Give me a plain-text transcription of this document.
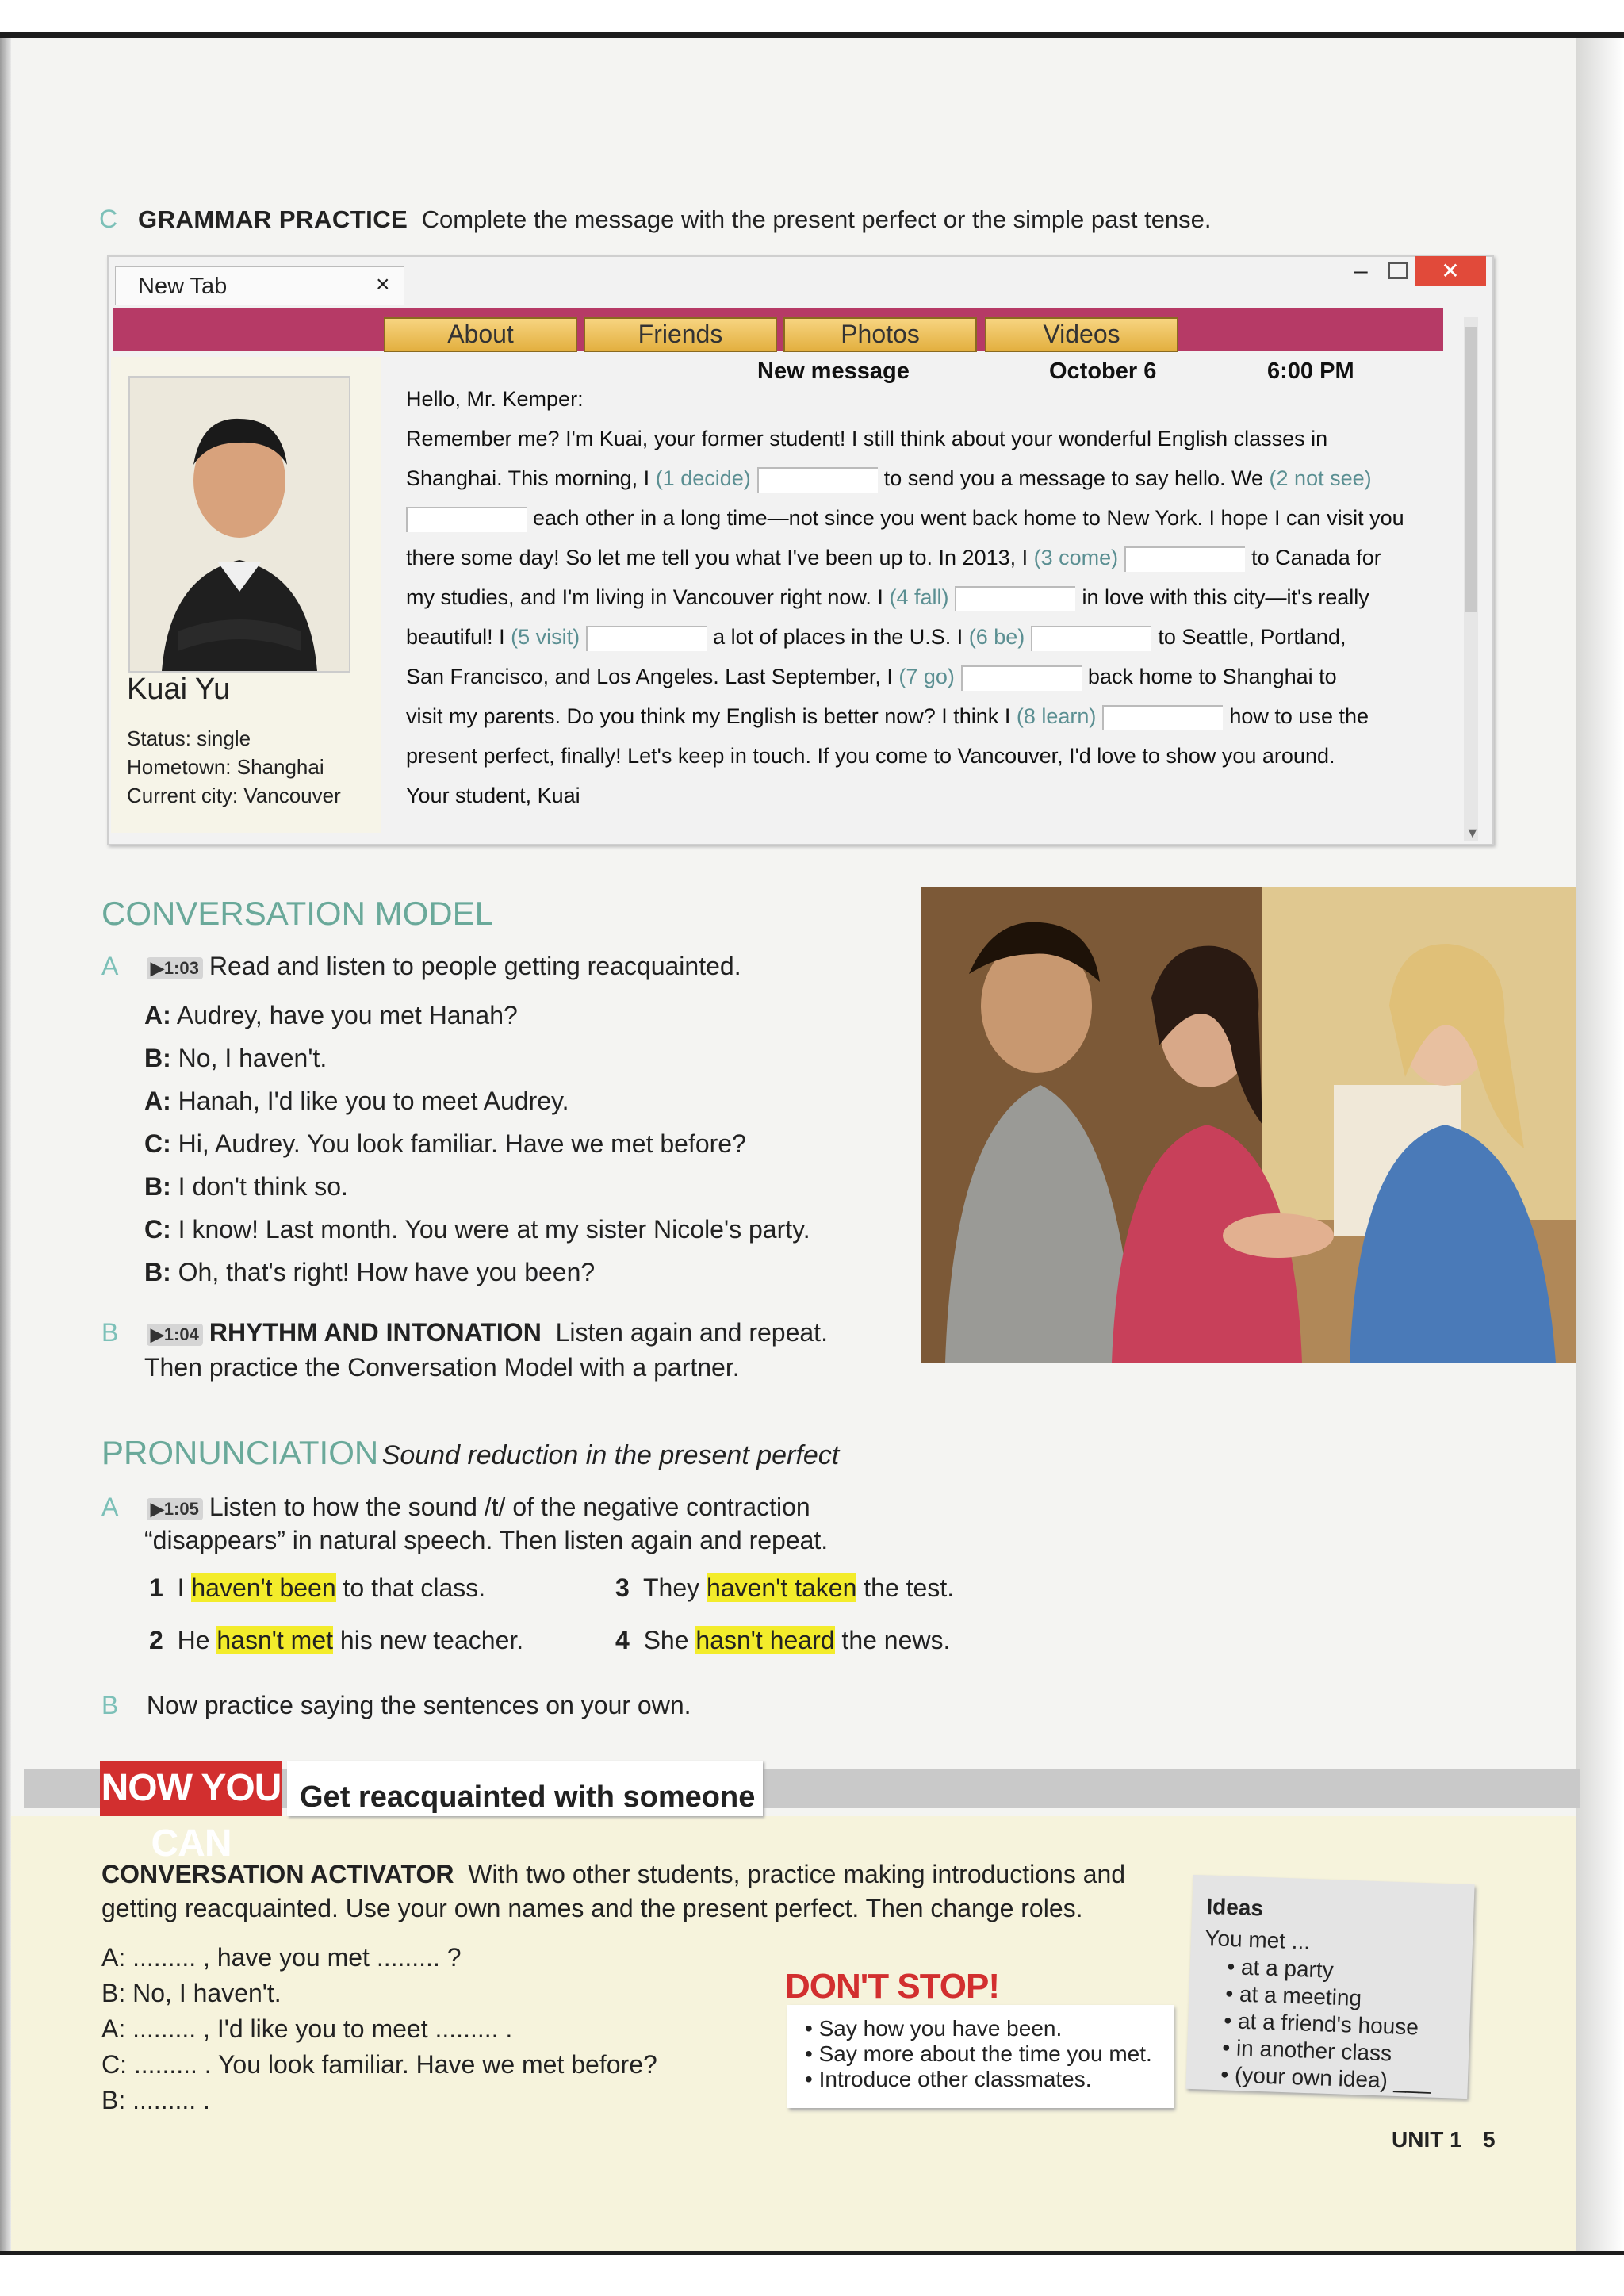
C GRAMMAR PRACTICE Complete the message with the present perfect or the simple past tense.
New Tab	×
–	✕
About	Friends	Photos	Videos
Kuai Yu
Status: single
Hometown: Shanghai
Current city: Vancouver
New message	October 6	6:00 PM
Hello, Mr. Kemper:
Remember me? I'm Kuai, your former student! I still think about your wonderful English classes in
Shanghai. This morning, I (1 decide)	to send you a message to say hello. We (2 not see)
each other in a long time—not since you went back home to New York. I hope I can visit you
there some day! So let me tell you what I've been up to. In 2013, I (3 come)	to Canada for
my studies, and I'm living in Vancouver right now. I (4 fall)	in love with this city—it's really
beautiful! I (5 visit)	a lot of places in the U.S. I (6 be)	to Seattle, Portland,
San Francisco, and Los Angeles. Last September, I (7 go)	back home to Shanghai to
visit my parents. Do you think my English is better now? I think I (8 learn)	how to use the
present perfect, finally! Let's keep in touch. If you come to Vancouver, I'd love to show you around.
Your student, Kuai
▼
CONVERSATION MODEL
A ▶1:03 Read and listen to people getting reacquainted.
A: Audrey, have you met Hanah?
B: No, I haven't.
A: Hanah, I'd like you to meet Audrey.
C: Hi, Audrey. You look familiar. Have we met before?
B: I don't think so.
C: I know! Last month. You were at my sister Nicole's party.
B: Oh, that's right! How have you been?
B ▶1:04 RHYTHM AND INTONATION Listen again and repeat.
Then practice the Conversation Model with a partner.
PRONUNCIATION Sound reduction in the present perfect
A ▶1:05 Listen to how the sound /t/ of the negative contraction
“disappears” in natural speech. Then listen again and repeat.
1 I haven't been to that class.	3 They haven't taken the test.
2 He hasn't met his new teacher.	4 She hasn't heard the news.
B Now practice saying the sentences on your own.
NOW YOU CAN
Get reacquainted with someone
CONVERSATION ACTIVATOR With two other students, practice making introductions and
getting reacquainted. Use your own names and the present perfect. Then change roles.
A: ......... , have you met ......... ?
B: No, I haven't.
A: ......... , I'd like you to meet ......... .
C: ......... . You look familiar. Have we met before?
B: ......... .
DON'T STOP!
• Say how you have been.
• Say more about the time you met.
• Introduce other classmates.
Ideas
You met ...
• at a party
• at a meeting
• at a friend's house
• in another class
• (your own idea) ___
UNIT 1 5
